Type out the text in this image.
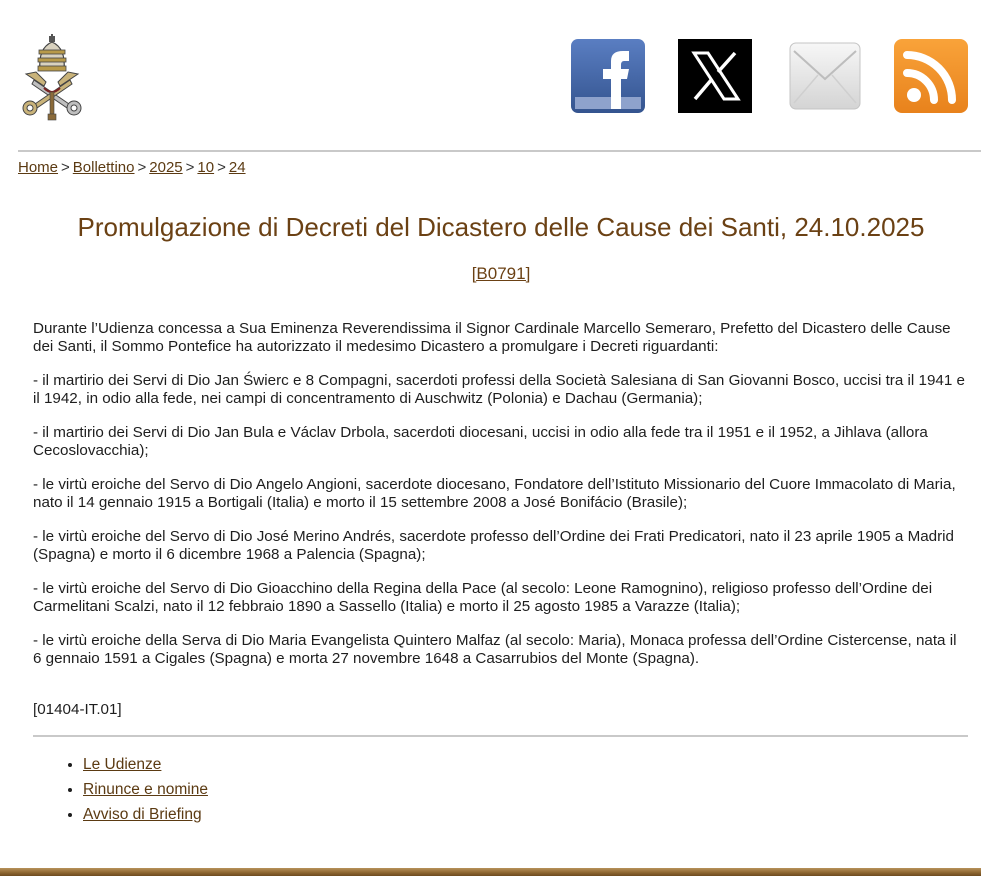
Home > Bollettino > 2025 > 10 > 24
Promulgazione di Decreti del Dicastero delle Cause dei Santi, 24.10.2025
[B0791]

Durante l’Udienza concessa a Sua Eminenza Reverendissima il Signor Cardinale Marcello Semeraro, Prefetto del Dicastero delle Cause dei Santi, il Sommo Pontefice ha autorizzato il medesimo Dicastero a promulgare i Decreti riguardanti:

- il martirio dei Servi di Dio Jan Świerc e 8 Compagni, sacerdoti professi della Società Salesiana di San Giovanni Bosco, uccisi tra il 1941 e il 1942, in odio alla fede, nei campi di concentramento di Auschwitz (Polonia) e Dachau (Germania);

- il martirio dei Servi di Dio Jan Bula e Václav Drbola, sacerdoti diocesani, uccisi in odio alla fede tra il 1951 e il 1952, a Jihlava (allora Cecoslovacchia);

- le virtù eroiche del Servo di Dio Angelo Angioni, sacerdote diocesano, Fondatore dell’Istituto Missionario del Cuore Immacolato di Maria, nato il 14 gennaio 1915 a Bortigali (Italia) e morto il 15 settembre 2008 a José Bonifácio (Brasile);

- le virtù eroiche del Servo di Dio José Merino Andrés, sacerdote professo dell’Ordine dei Frati Predicatori, nato il 23 aprile 1905 a Madrid (Spagna) e morto il 6 dicembre 1968 a Palencia (Spagna);

- le virtù eroiche del Servo di Dio Gioacchino della Regina della Pace (al secolo: Leone Ramognino), religioso professo dell’Ordine dei Carmelitani Scalzi, nato il 12 febbraio 1890 a Sassello (Italia) e morto il 25 agosto 1985 a Varazze (Italia);

- le virtù eroiche della Serva di Dio Maria Evangelista Quintero Malfaz (al secolo: Maria), Monaca professa dell’Ordine Cistercense, nata il 6 gennaio 1591 a Cigales (Spagna) e morta 27 novembre 1648 a Casarrubios del Monte (Spagna).

[01404-IT.01]
• Le Udienze
• Rinunce e nomine
• Avviso di Briefing
